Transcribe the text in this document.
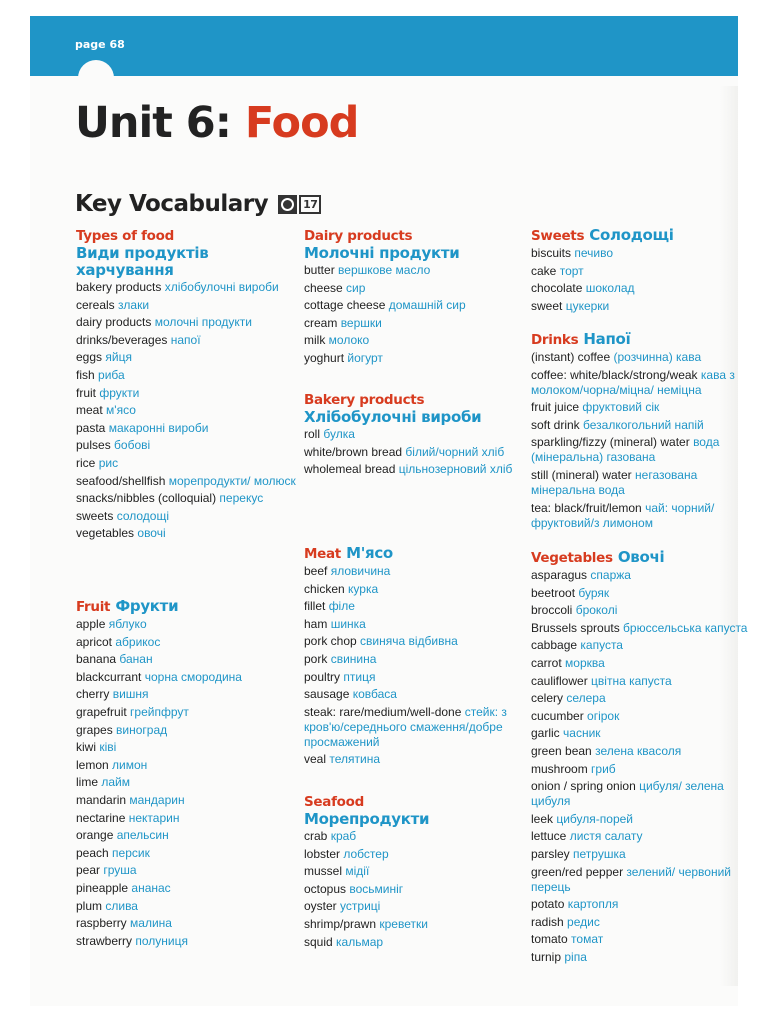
page 68
Unit 6: Food
Key Vocabulary	17
Types of food
Види продуктів харчування
bakery products хлібобулочні вироби
cereals злаки
dairy products молочні продукти
drinks/beverages напої
eggs яйця
fish риба
fruit фрукти
meat м'ясо
pasta макаронні вироби
pulses бобові
rice рис
seafood/shellfish морепродукти/ молюск
snacks/nibbles (colloquial) перекус
sweets солодощі
vegetables овочі
Fruit Фрукти
apple яблуко
apricot абрикос
banana банан
blackcurrant чорна смородина
cherry вишня
grapefruit грейпфрут
grapes виноград
kiwi ківі
lemon лимон
lime лайм
mandarin мандарин
nectarine нектарин
orange апельсин
peach персик
pear груша
pineapple ананас
plum слива
raspberry малина
strawberry полуниця
Dairy products
Молочні продукти
butter вершкове масло
cheese сир
cottage cheese домашній сир
cream вершки
milk молоко
yoghurt йогурт
Bakery products
Хлібобулочні вироби
roll булка
white/brown bread білий/чорний хліб
wholemeal bread цільнозерновий хліб
Meat М'ясо
beef яловичина
chicken курка
fillet філе
ham шинка
pork chop свиняча відбивна
pork свинина
poultry птиця
sausage ковбаса
steak: rare/medium/well-done стейк: з кров'ю/середнього смаження/добре просмажений
veal телятина
Seafood
Морепродукти
crab краб
lobster лобстер
mussel мідії
octopus восьминіг
oyster устриці
shrimp/prawn креветки
squid кальмар
Sweets Солодощі
biscuits печиво
cake торт
chocolate шоколад
sweet цукерки
Drinks Напої
(instant) coffee (розчинна) кава
coffee: white/black/strong/weak кава з молоком/чорна/міцна/ неміцна
fruit juice фруктовий сік
soft drink безалкогольний напій
sparkling/fizzy (mineral) water вода (мінеральна) газована
still (mineral) water негазована мінеральна вода
tea: black/fruit/lemon чай: чорний/фруктовий/з лимоном
Vegetables Овочі
asparagus спаржа
beetroot буряк
broccoli броколі
Brussels sprouts брюссельська капуста
cabbage капуста
carrot морква
cauliflower цвітна капуста
celery селера
cucumber огірок
garlic часник
green bean зелена квасоля
mushroom гриб
onion / spring onion цибуля/ зелена цибуля
leek цибуля-порей
lettuce листя салату
parsley петрушка
green/red pepper зелений/ червоний перець
potato картопля
radish редис
tomato томат
turnip ріпа
